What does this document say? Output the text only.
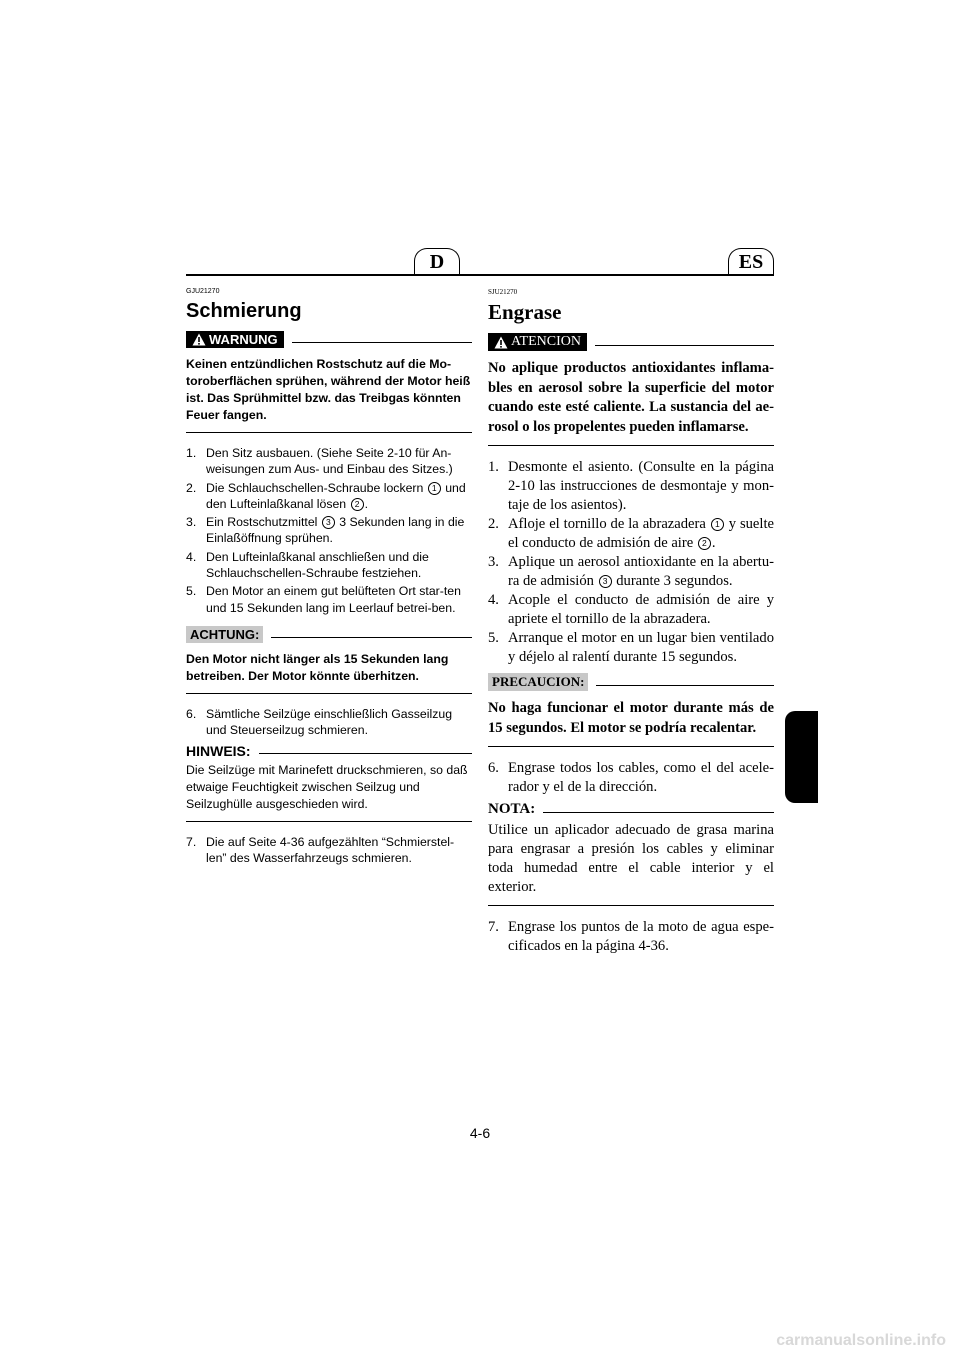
D	ES
GJU21270
Schmierung
WARNUNG
Keinen entzündlichen Rostschutz auf die Mo-toroberflächen sprühen, während der Motor heiß ist. Das Sprühmittel bzw. das Treibgas könnten Feuer fangen.
1. Den Sitz ausbauen. (Siehe Seite 2-10 für An-weisungen zum Aus- und Einbau des Sitzes.)
2. Die Schlauchschellen-Schraube lockern 1 und den Lufteinlaßkanal lösen 2 .
3. Ein Rostschutzmittel 3 3 Sekunden lang in die Einlaßöffnung sprühen.
4. Den Lufteinlaßkanal anschließen und die Schlauchschellen-Schraube festziehen.
5. Den Motor an einem gut belüfteten Ort star-ten und 15 Sekunden lang im Leerlauf betrei-ben.
ACHTUNG:
Den Motor nicht länger als 15 Sekunden lang betreiben. Der Motor könnte überhitzen.
6. Sämtliche Seilzüge einschließlich Gasseilzug und Steuerseilzug schmieren.
HINWEIS:
Die Seilzüge mit Marinefett druckschmieren, so daß etwaige Feuchtigkeit zwischen Seilzug und Seilzughülle ausgeschieden wird.
7. Die auf Seite 4-36 aufgezählten “Schmierstel-len” des Wasserfahrzeugs schmieren.
SJU21270
Engrase
ATENCION
No aplique productos antioxidantes inflama-bles en aerosol sobre la superficie del motor cuando este esté caliente. La sustancia del ae-rosol o los propelentes pueden inflamarse.
1. Desmonte el asiento. (Consulte en la página 2-10 las instrucciones de desmontaje y mon-taje de los asientos).
2. Afloje el tornillo de la abrazadera 1 y suelte el conducto de admisión de aire 2 .
3. Aplique un aerosol antioxidante en la abertu-ra de admisión 3 durante 3 segundos.
4. Acople el conducto de admisión de aire y apriete el tornillo de la abrazadera.
5. Arranque el motor en un lugar bien ventilado y déjelo al ralentí durante 15 segundos.
PRECAUCION:
No haga funcionar el motor durante más de 15 segundos. El motor se podría recalentar.
6. Engrase todos los cables, como el del acele-rador y el de la dirección.
NOTA:
Utilice un aplicador adecuado de grasa marina para engrasar a presión los cables y eliminar toda humedad entre el cable interior y el exterior.
7. Engrase los puntos de la moto de agua espe-cificados en la página 4-36.
4-6
carmanualsonline.info
